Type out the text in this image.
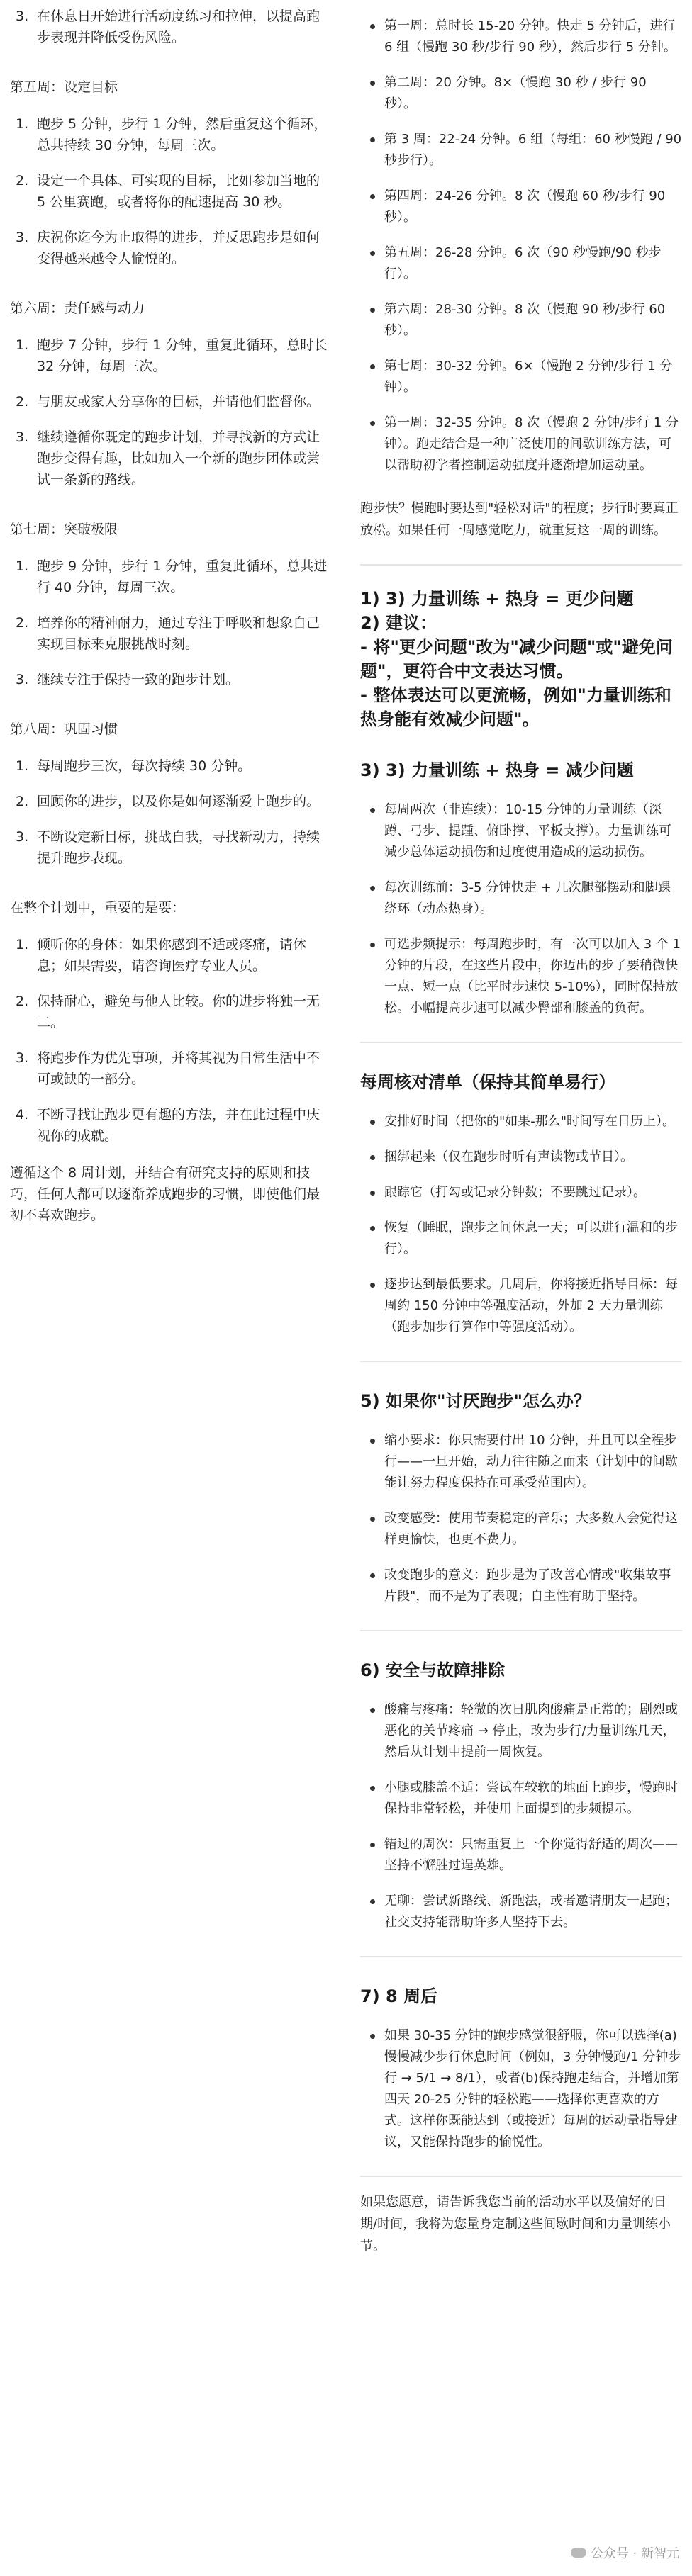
3. 在休息日开始进行活动度练习和拉伸，以提高跑步表现并降低受伤风险。

第五周：设定目标

1. 跑步 5 分钟，步行 1 分钟，然后重复这个循环，总共持续 30 分钟，每周三次。
2. 设定一个具体、可实现的目标，比如参加当地的 5 公里赛跑，或者将你的配速提高 30 秒。
3. 庆祝你迄今为止取得的进步，并反思跑步是如何变得越来越令人愉悦的。

第六周：责任感与动力

1. 跑步 7 分钟，步行 1 分钟，重复此循环，总时长 32 分钟，每周三次。
2. 与朋友或家人分享你的目标，并请他们监督你。
3. 继续遵循你既定的跑步计划，并寻找新的方式让跑步变得有趣，比如加入一个新的跑步团体或尝试一条新的路线。

第七周：突破极限

1. 跑步 9 分钟，步行 1 分钟，重复此循环，总共进行 40 分钟，每周三次。
2. 培养你的精神耐力，通过专注于呼吸和想象自己实现目标来克服挑战时刻。
3. 继续专注于保持一致的跑步计划。

第八周：巩固习惯

1. 每周跑步三次，每次持续 30 分钟。
2. 回顾你的进步，以及你是如何逐渐爱上跑步的。
3. 不断设定新目标，挑战自我，寻找新动力，持续提升跑步表现。

在整个计划中，重要的是要：

1. 倾听你的身体：如果你感到不适或疼痛，请休息；如果需要，请咨询医疗专业人员。
2. 保持耐心，避免与他人比较。你的进步将独一无二。
3. 将跑步作为优先事项，并将其视为日常生活中不可或缺的一部分。
4. 不断寻找让跑步更有趣的方法，并在此过程中庆祝你的成就。

遵循这个 8 周计划，并结合有研究支持的原则和技巧，任何人都可以逐渐养成跑步的习惯，即使他们最初不喜欢跑步。

第一周：总时长 15-20 分钟。快走 5 分钟后，进行 6 组（慢跑 30 秒/步行 90 秒），然后步行 5 分钟。
第二周：20 分钟。8×（慢跑 30 秒 / 步行 90 秒）。
第 3 周：22-24 分钟。6 组（每组：60 秒慢跑 / 90 秒步行）。
第四周：24-26 分钟。8 次（慢跑 60 秒/步行 90 秒）。
第五周：26-28 分钟。6 次（90 秒慢跑/90 秒步行）。
第六周：28-30 分钟。8 次（慢跑 90 秒/步行 60 秒）。
第七周：30-32 分钟。6×（慢跑 2 分钟/步行 1 分钟）。
第一周：32-35 分钟。8 次（慢跑 2 分钟/步行 1 分钟）。跑走结合是一种广泛使用的间歇训练方法，可以帮助初学者控制运动强度并逐渐增加运动量。

跑步快？慢跑时要达到"轻松对话"的程度；步行时要真正放松。如果任何一周感觉吃力，就重复这一周的训练。

1) 3) 力量训练 + 热身 = 更少问题
2) 建议：
- 将"更少问题"改为"减少问题"或"避免问题"，更符合中文表达习惯。
- 整体表达可以更流畅，例如"力量训练和热身能有效减少问题"。

3) 3) 力量训练 + 热身 = 减少问题

每周两次（非连续）：10-15 分钟的力量训练（深蹲、弓步、提踵、俯卧撑、平板支撑）。力量训练可减少总体运动损伤和过度使用造成的运动损伤。
每次训练前：3-5 分钟快走 + 几次腿部摆动和脚踝绕环（动态热身）。
可选步频提示：每周跑步时，有一次可以加入 3 个 1 分钟的片段，在这些片段中，你迈出的步子要稍微快一点、短一点（比平时步速快 5-10%），同时保持放松。小幅提高步速可以减少臀部和膝盖的负荷。

每周核对清单（保持其简单易行）

安排好时间（把你的"如果-那么"时间写在日历上）。
捆绑起来（仅在跑步时听有声读物或节目）。
跟踪它（打勾或记录分钟数；不要跳过记录）。
恢复（睡眠，跑步之间休息一天；可以进行温和的步行）。
逐步达到最低要求。几周后，你将接近指导目标：每周约 150 分钟中等强度活动，外加 2 天力量训练（跑步加步行算作中等强度活动）。

5) 如果你"讨厌跑步"怎么办？

缩小要求：你只需要付出 10 分钟，并且可以全程步行——一旦开始，动力往往随之而来（计划中的间歇能让努力程度保持在可承受范围内）。
改变感受：使用节奏稳定的音乐；大多数人会觉得这样更愉快，也更不费力。
改变跑步的意义：跑步是为了改善心情或"收集故事片段"，而不是为了表现；自主性有助于坚持。

6) 安全与故障排除

酸痛与疼痛：轻微的次日肌肉酸痛是正常的；剧烈或恶化的关节疼痛 → 停止，改为步行/力量训练几天，然后从计划中提前一周恢复。
小腿或膝盖不适：尝试在较软的地面上跑步，慢跑时保持非常轻松，并使用上面提到的步频提示。
错过的周次：只需重复上一个你觉得舒适的周次——坚持不懈胜过逞英雄。
无聊：尝试新路线、新跑法，或者邀请朋友一起跑；社交支持能帮助许多人坚持下去。

7) 8 周后

如果 30-35 分钟的跑步感觉很舒服，你可以选择(a)慢慢减少步行休息时间（例如，3 分钟慢跑/1 分钟步行 → 5/1 → 8/1），或者(b)保持跑走结合，并增加第四天 20-25 分钟的轻松跑——选择你更喜欢的方式。这样你既能达到（或接近）每周的运动量指导建议，又能保持跑步的愉悦性。

如果您愿意，请告诉我您当前的活动水平以及偏好的日期/时间，我将为您量身定制这些间歇时间和力量训练小节。

公众号 · 新智元
